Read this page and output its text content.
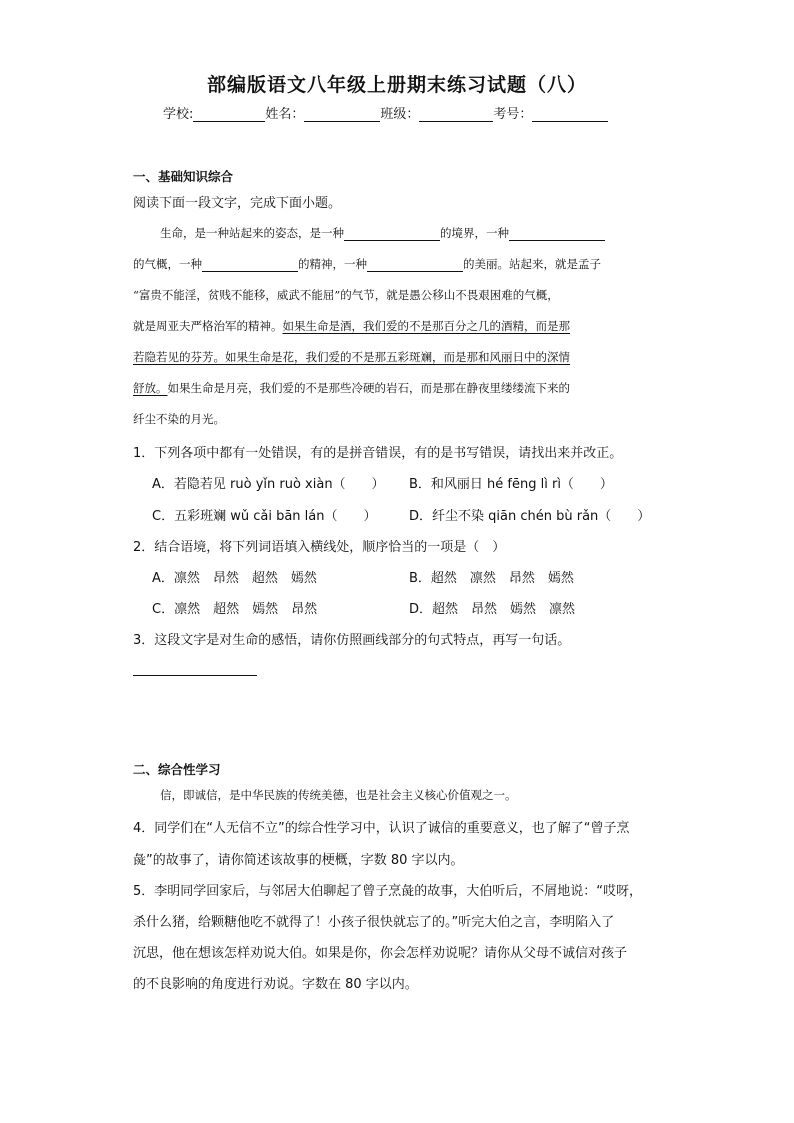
部编版语文八年级上册期末练习试题（八）
学校:	姓名：	班级：	考号：
一、基础知识综合
阅读下面一段文字，完成下面小题。
生命，是一种站起来的姿态，是一种	的境界，一种
的气概，一种	的精神，一种	的美丽。站起来，就是孟子
“富贵不能淫，贫贱不能移，威武不能屈”的气节，就是愚公移山不畏艰困难的气概，
就是周亚夫严格治军的精神。如果生命是酒，我们爱的不是那百分之几的酒精，而是那
若隐若见的芬芳。如果生命是花，我们爱的不是那五彩斑斓，而是那和风丽日中的深情
舒放。如果生命是月亮，我们爱的不是那些冷硬的岩石，而是那在静夜里缕缕流下来的
纤尘不染的月光。
1．下列各项中都有一处错误，有的是拼音错误，有的是书写错误，请找出来并改正。
A．若隐若见 ruò yǐn ruò xiàn（　　） B．和风丽日 hé fēng lì rì（　　）
C．五彩班斓 wǔ cǎi bān lán（　　）	D．纤尘不染 qiān chén bù rǎn（　　）
2．结合语境，将下列词语填入横线处，顺序恰当的一项是（　）
A．凛然　昂然　超然　嫣然	B．超然　凛然　昂然　嫣然
C．凛然　超然　嫣然　昂然	D．超然　昂然　嫣然　凛然
3．这段文字是对生命的感悟，请你仿照画线部分的句式特点，再写一句话。
二、综合性学习
信，即诚信，是中华民族的传统美德，也是社会主义核心价值观之一。
4．同学们在“人无信不立”的综合性学习中，认识了诚信的重要意义，也了解了“曾子烹
彘”的故事了，请你简述该故事的梗概，字数 80 字以内。
5．李明同学回家后，与邻居大伯聊起了曾子烹彘的故事，大伯听后，不屑地说：“哎呀，
杀什么猪，给颗糖他吃不就得了！小孩子很快就忘了的。”听完大伯之言，李明陷入了
沉思，他在想该怎样劝说大伯。如果是你，你会怎样劝说呢？请你从父母不诚信对孩子
的不良影响的角度进行劝说。字数在 80 字以内。
